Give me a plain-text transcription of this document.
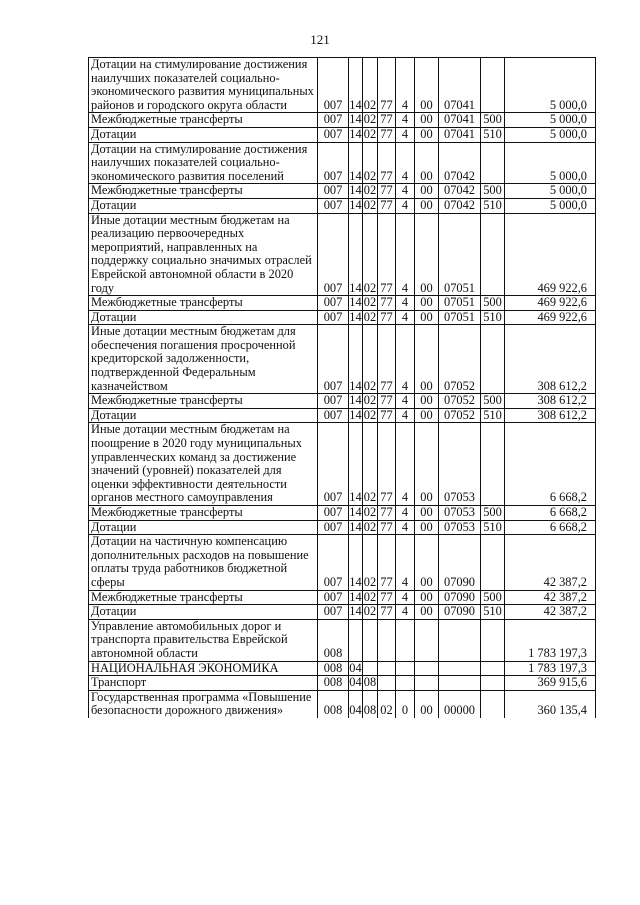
121
Дотации на стимулирование достижения наилучших показателей социально-экономического развития муниципальных районов и городского округа области	007	14	02	77	4	00	07041		5 000,0
Межбюджетные трансферты	007	14	02	77	4	00	07041	500	5 000,0
Дотации	007	14	02	77	4	00	07041	510	5 000,0
Дотации на стимулирование достижения наилучших показателей социально-экономического развития поселений	007	14	02	77	4	00	07042		5 000,0
Межбюджетные трансферты	007	14	02	77	4	00	07042	500	5 000,0
Дотации	007	14	02	77	4	00	07042	510	5 000,0
Иные дотации местным бюджетам на реализацию первоочередных мероприятий, направленных на поддержку социально значимых отраслей Еврейской автономной области в 2020 году	007	14	02	77	4	00	07051		469 922,6
Межбюджетные трансферты	007	14	02	77	4	00	07051	500	469 922,6
Дотации	007	14	02	77	4	00	07051	510	469 922,6
Иные дотации местным бюджетам для обеспечения погашения просроченной кредиторской задолженности, подтвержденной Федеральным казначейством	007	14	02	77	4	00	07052		308 612,2
Межбюджетные трансферты	007	14	02	77	4	00	07052	500	308 612,2
Дотации	007	14	02	77	4	00	07052	510	308 612,2
Иные дотации местным бюджетам на поощрение в 2020 году муниципальных управленческих команд за достижение значений (уровней) показателей для оценки эффективности деятельности органов местного самоуправления	007	14	02	77	4	00	07053		6 668,2
Межбюджетные трансферты	007	14	02	77	4	00	07053	500	6 668,2
Дотации	007	14	02	77	4	00	07053	510	6 668,2
Дотации на частичную компенсацию дополнительных расходов на повышение оплаты труда работников бюджетной сферы	007	14	02	77	4	00	07090		42 387,2
Межбюджетные трансферты	007	14	02	77	4	00	07090	500	42 387,2
Дотации	007	14	02	77	4	00	07090	510	42 387,2
Управление автомобильных дорог и транспорта правительства Еврейской автономной области	008								1 783 197,3
НАЦИОНАЛЬНАЯ ЭКОНОМИКА	008	04							1 783 197,3
Транспорт	008	04	08						369 915,6
Государственная программа «Повышение безопасности дорожного движения»	008	04	08	02	0	00	00000		360 135,4
